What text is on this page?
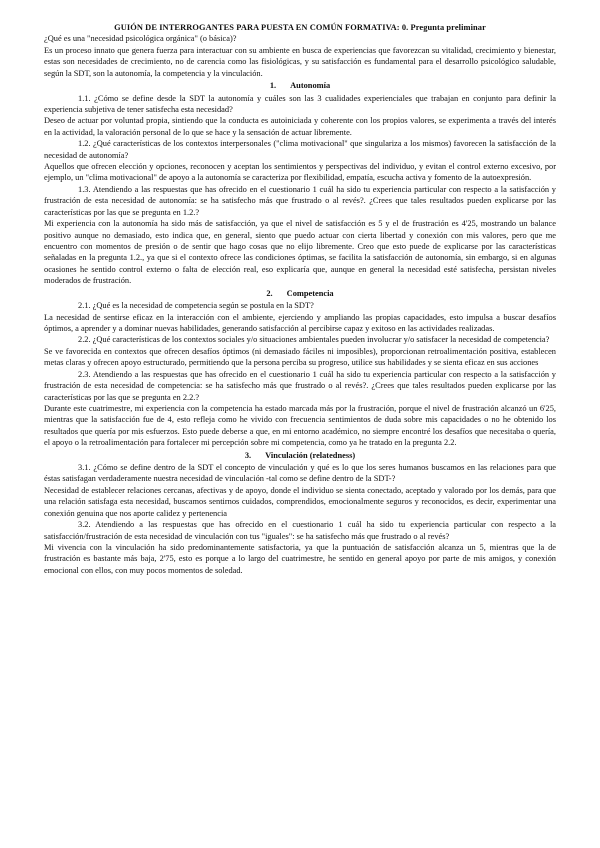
GUIÓN DE INTERROGANTES PARA PUESTA EN COMÚN FORMATIVA: 0. Pregunta preliminar

¿Qué es una "necesidad psicológica orgánica" (o básica)?

Es un proceso innato que genera fuerza para interactuar con su ambiente en busca de experiencias que favorezcan su vitalidad, crecimiento y bienestar, estas son necesidades de crecimiento, no de carencia como las fisiológicas, y su satisfacción es fundamental para el desarrollo psicológico saludable, según la SDT, son la autonomía, la competencia y la vinculación.

1. Autonomía

1.1. ¿Cómo se define desde la SDT la autonomía y cuáles son las 3 cualidades experienciales que trabajan en conjunto para definir la experiencia subjetiva de tener satisfecha esta necesidad?

Deseo de actuar por voluntad propia, sintiendo que la conducta es autoiniciada y coherente con los propios valores, se experimenta a través del interés en la actividad, la valoración personal de lo que se hace y la sensación de actuar libremente.

1.2. ¿Qué características de los contextos interpersonales ("clima motivacional" que singulariza a los mismos) favorecen la satisfacción de la necesidad de autonomía?

Aquellos que ofrecen elección y opciones, reconocen y aceptan los sentimientos y perspectivas del individuo, y evitan el control externo excesivo, por ejemplo, un "clima motivacional" de apoyo a la autonomía se caracteriza por flexibilidad, empatía, escucha activa y fomento de la autoexpresión.

1.3. Atendiendo a las respuestas que has ofrecido en el cuestionario 1 cuál ha sido tu experiencia particular con respecto a la satisfacción y frustración de esta necesidad de autonomía: se ha satisfecho más que frustrado o al revés?. ¿Crees que tales resultados pueden explicarse por las características por las que se pregunta en 1.2.?

Mi experiencia con la autonomía ha sido más de satisfacción, ya que el nivel de satisfacción es 5 y el de frustración es 4'25, mostrando un balance positivo aunque no demasiado, esto indica que, en general, siento que puedo actuar con cierta libertad y conexión con mis valores, pero que me encuentro con momentos de presión o de sentir que hago cosas que no elijo libremente. Creo que esto puede de explicarse por las características señaladas en la pregunta 1.2., ya que si el contexto ofrece las condiciones óptimas, se facilita la satisfacción de autonomía, sin embargo, si en algunas ocasiones he sentido control externo o falta de elección real, eso explicaría que, aunque en general la necesidad esté satisfecha, persistan niveles moderados de frustración.

2. Competencia

2.1. ¿Qué es la necesidad de competencia según se postula en la SDT?

La necesidad de sentirse eficaz en la interacción con el ambiente, ejerciendo y ampliando las propias capacidades, esto impulsa a buscar desafíos óptimos, a aprender y a dominar nuevas habilidades, generando satisfacción al percibirse capaz y exitoso en las actividades realizadas.

2.2. ¿Qué características de los contextos sociales y/o situaciones ambientales pueden involucrar y/o satisfacer la necesidad de competencia?

Se ve favorecida en contextos que ofrecen desafíos óptimos (ni demasiado fáciles ni imposibles), proporcionan retroalimentación positiva, establecen metas claras y ofrecen apoyo estructurado, permitiendo que la persona perciba su progreso, utilice sus habilidades y se sienta eficaz en sus acciones

2.3. Atendiendo a las respuestas que has ofrecido en el cuestionario 1 cuál ha sido tu experiencia particular con respecto a la satisfacción y frustración de esta necesidad de competencia: se ha satisfecho más que frustrado o al revés?. ¿Crees que tales resultados pueden explicarse por las características por las que se pregunta en 2.2.?

Durante este cuatrimestre, mi experiencia con la competencia ha estado marcada más por la frustración, porque el nivel de frustración alcanzó un 6'25, mientras que la satisfacción fue de 4, esto refleja como he vivido con frecuencia sentimientos de duda sobre mis capacidades o no he obtenido los resultados que quería por mis esfuerzos. Esto puede deberse a que, en mi entorno académico, no siempre encontré los desafíos que necesitaba o quería, el apoyo o la retroalimentación para fortalecer mi percepción sobre mi competencia, como ya he tratado en la pregunta 2.2.

3. Vinculación (relatedness)

3.1. ¿Cómo se define dentro de la SDT el concepto de vinculación y qué es lo que los seres humanos buscamos en las relaciones para que éstas satisfagan verdaderamente nuestra necesidad de vinculación -tal como se define dentro de la SDT-?

Necesidad de establecer relaciones cercanas, afectivas y de apoyo, donde el individuo se sienta conectado, aceptado y valorado por los demás, para que una relación satisfaga esta necesidad, buscamos sentirnos cuidados, comprendidos, emocionalmente seguros y reconocidos, es decir, experimentar una conexión genuina que nos aporte calidez y pertenencia

3.2. Atendiendo a las respuestas que has ofrecido en el cuestionario 1 cuál ha sido tu experiencia particular con respecto a la satisfacción/frustración de esta necesidad de vinculación con tus "iguales": se ha satisfecho más que frustrado o al revés?

Mi vivencia con la vinculación ha sido predominantemente satisfactoria, ya que la puntuación de satisfacción alcanza un 5, mientras que la de frustración es bastante más baja, 2'75, esto es porque a lo largo del cuatrimestre, he sentido en general apoyo por parte de mis amigos, y conexión emocional con ellos, con muy pocos momentos de soledad.
